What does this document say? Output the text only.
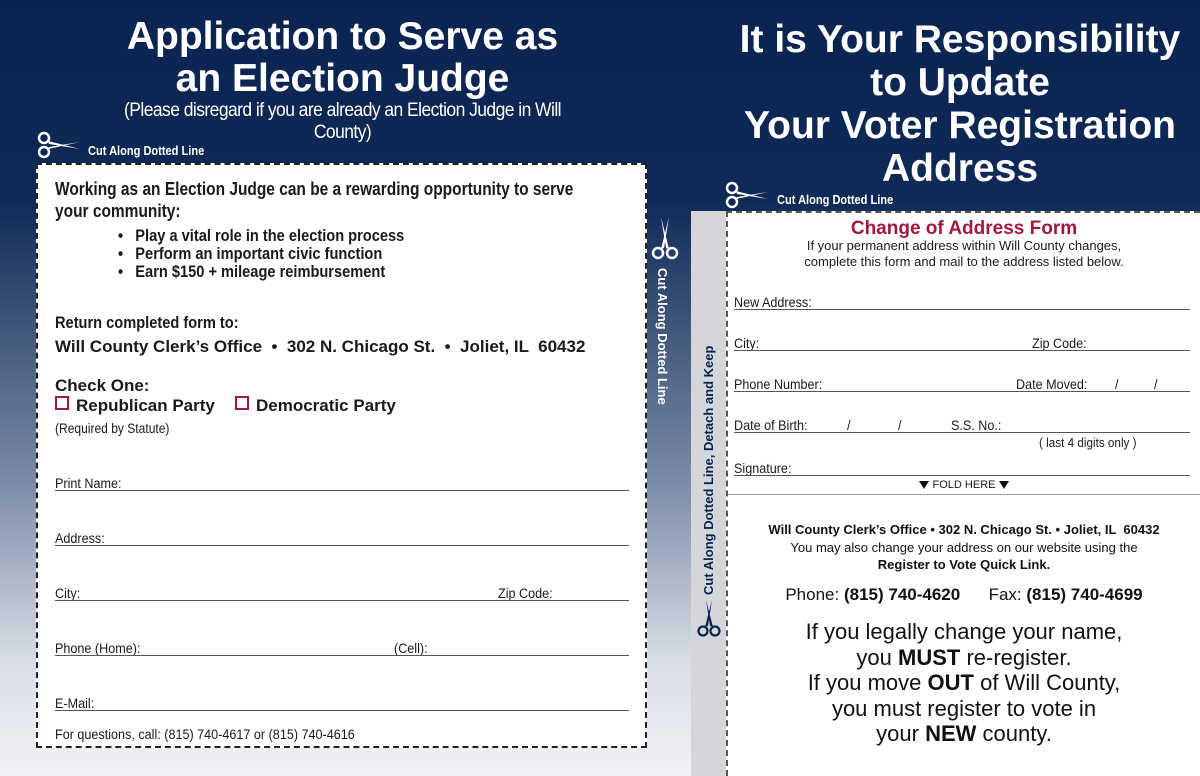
Application to Serve as
an Election Judge
(Please disregard if you are already an Election Judge in Will County)
Cut Along Dotted Line
Working as an Election Judge can be a rewarding opportunity to serve
your community:
•   Play a vital role in the election process
•   Perform an important civic function
•   Earn $150 + mileage reimbursement
Return completed form to:
Will County Clerk’s Office  •  302 N. Chicago St.  •  Joliet, IL  60432
Check One:
Republican Party	Democratic Party
(Required by Statute)
Print Name:
Address:
City:	Zip Code:
Phone (Home):	(Cell):
E-Mail:
For questions, call: (815) 740-4617 or (815) 740-4616
Cut Along Dotted Line
It is Your Responsibility
to Update
Your Voter Registration
Address
Cut Along Dotted Line
Cut Along Dotted Line, Detach and Keep
Change of Address Form
If your permanent address within Will County changes,
complete this form and mail to the address listed below.
New Address:
City:	Zip Code:
Phone Number:	Date Moved: /	/
Date of Birth:	/	/	S.S. No.:
( last 4 digits only )
Signature:
FOLD HERE
Will County Clerk’s Office • 302 N. Chicago St. • Joliet, IL  60432
You may also change your address on our website using the
Register to Vote Quick Link.
Phone: (815) 740-4620 Fax: (815) 740-4699
If you legally change your name,
you MUST re-register.
If you move OUT of Will County,
you must register to vote in
your NEW county.
